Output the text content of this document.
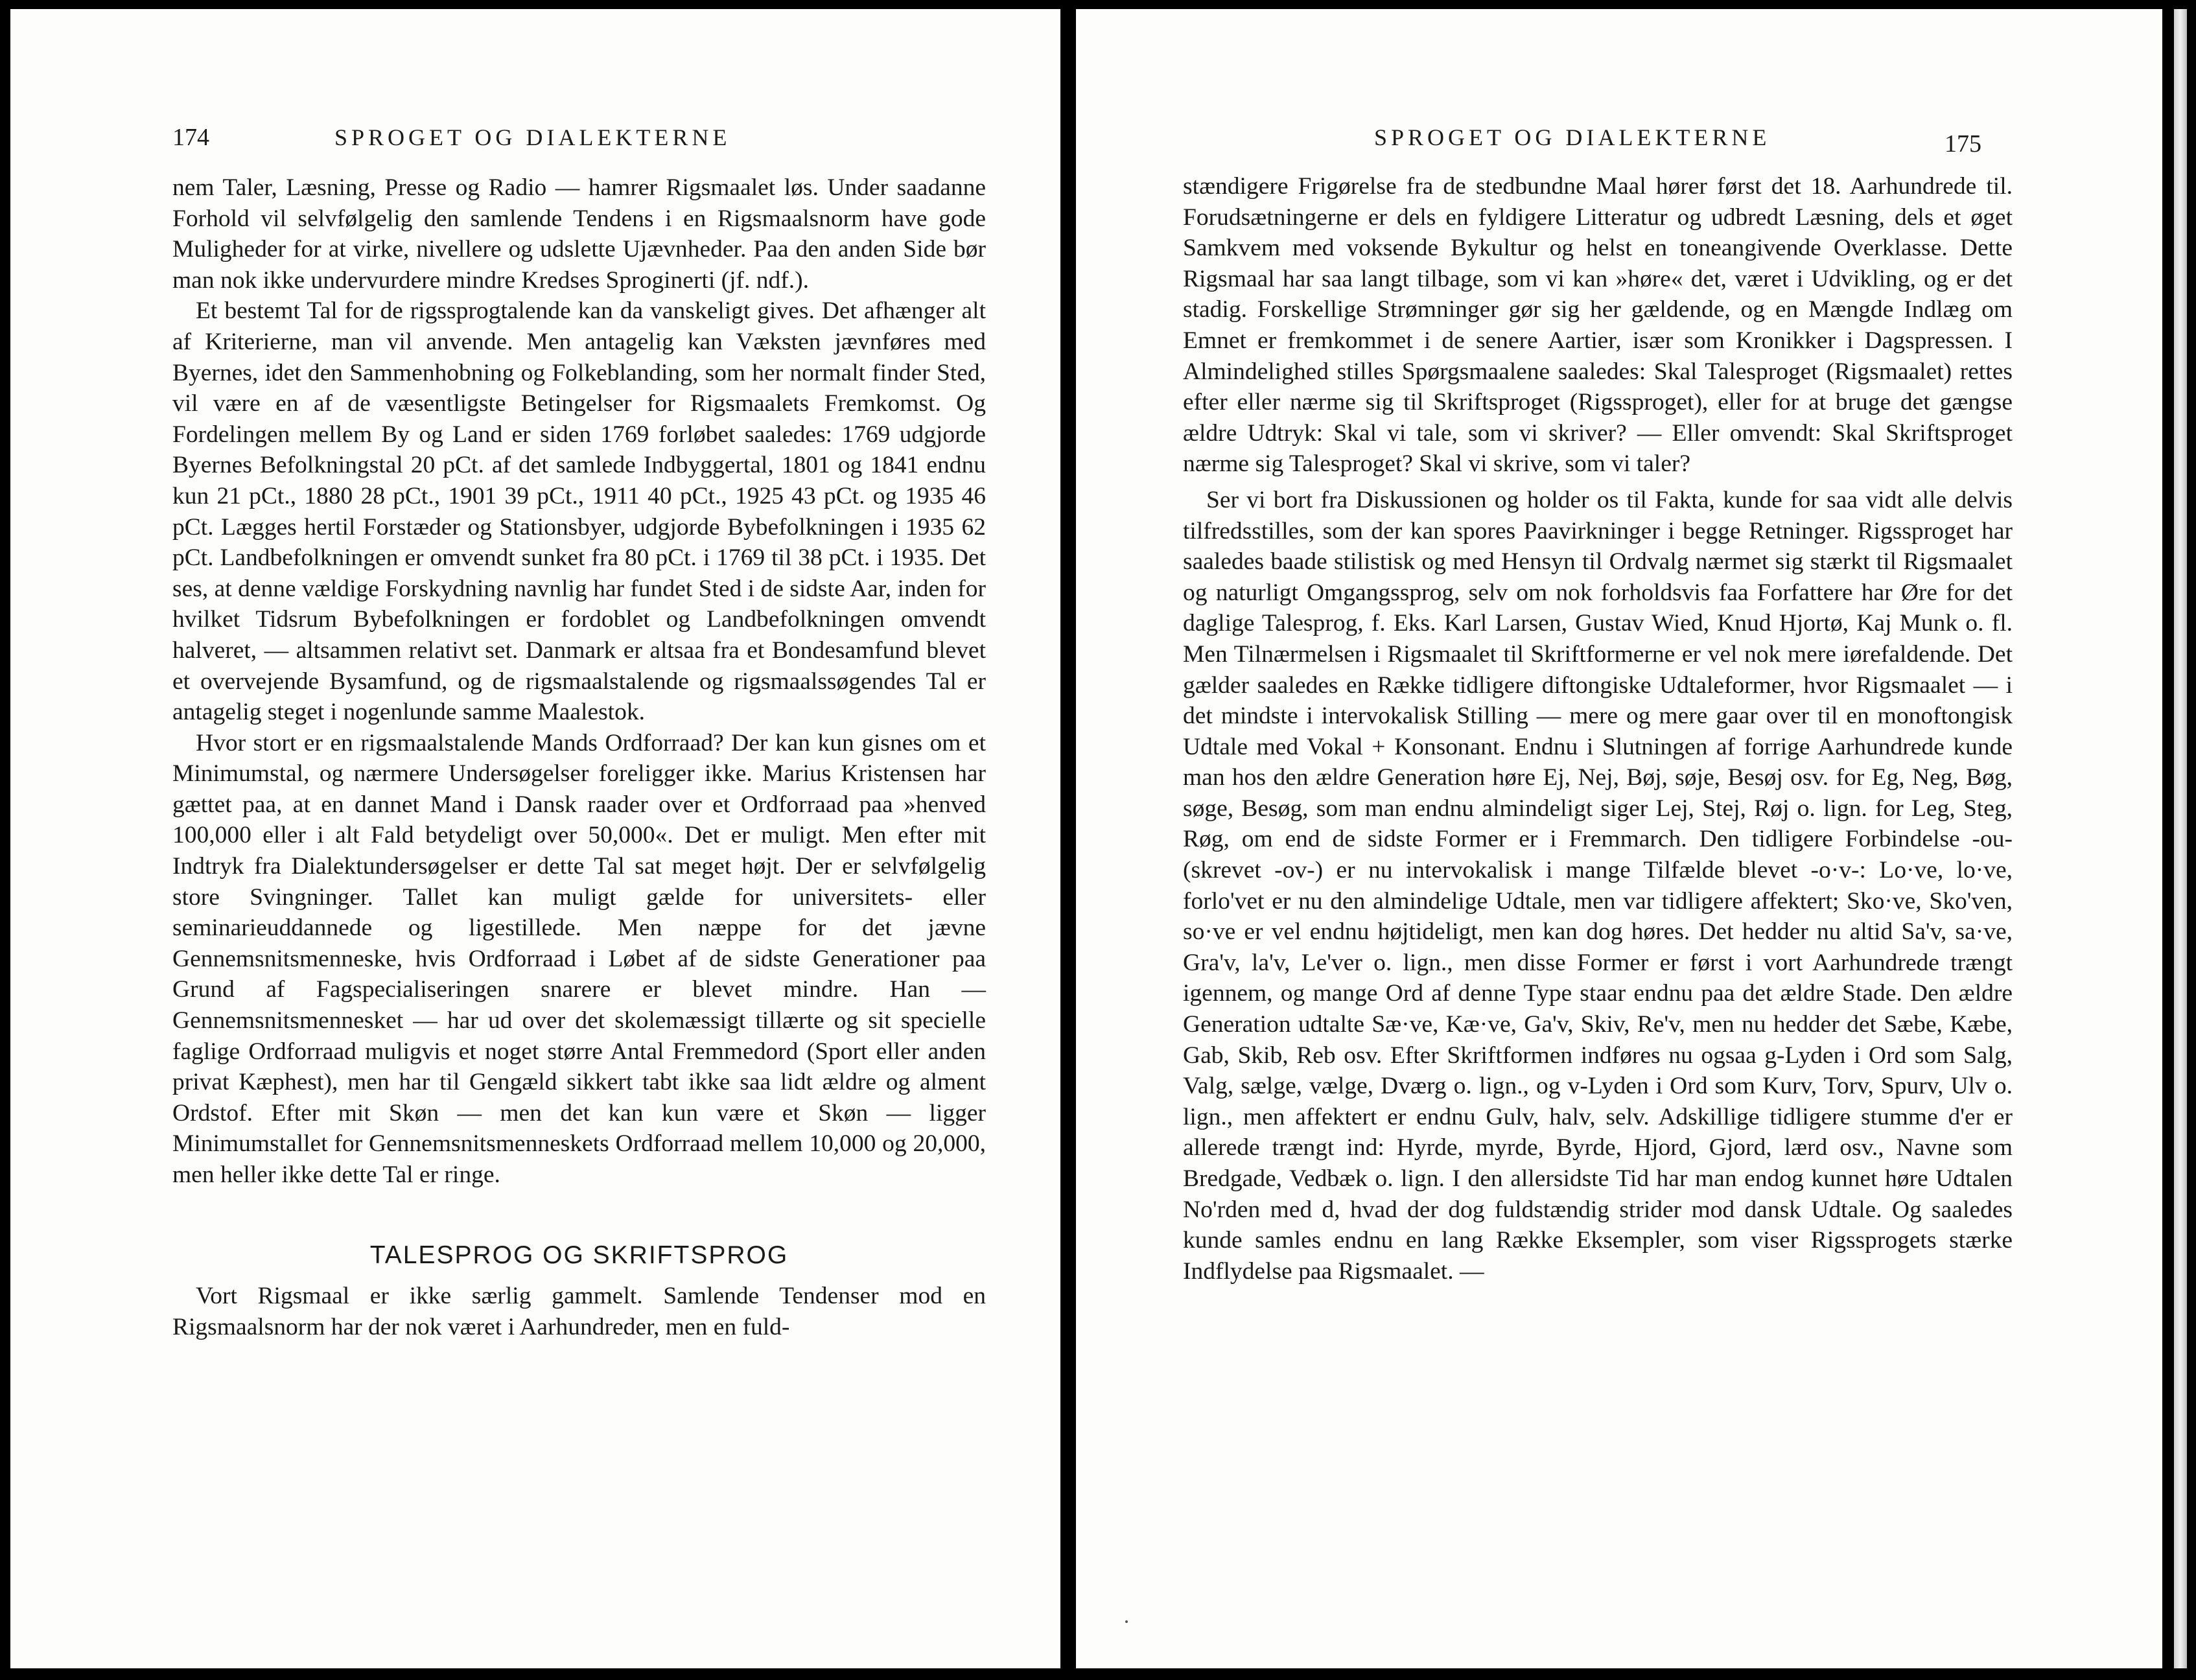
174	SPROGET OG DIALEKTERNE

nem Taler, Læsning, Presse og Radio — hamrer Rigsmaalet løs. Under saadanne Forhold vil selvfølgelig den samlende Tendens i en Rigsmaalsnorm have gode Muligheder for at virke, nivellere og udslette Ujævnheder. Paa den anden Side bør man nok ikke undervurdere mindre Kredses Sproginerti (jf. ndf.).

Et bestemt Tal for de rigssprogtalende kan da vanskeligt gives. Det afhænger alt af Kriterierne, man vil anvende. Men antagelig kan Væksten jævnføres med Byernes, idet den Sammenhobning og Folkeblanding, som her normalt finder Sted, vil være en af de væsentligste Betingelser for Rigsmaalets Fremkomst. Og Fordelingen mellem By og Land er siden 1769 forløbet saaledes: 1769 udgjorde Byernes Befolkningstal 20 pCt. af det samlede Indbyggertal, 1801 og 1841 endnu kun 21 pCt., 1880 28 pCt., 1901 39 pCt., 1911 40 pCt., 1925 43 pCt. og 1935 46 pCt. Lægges hertil Forstæder og Stationsbyer, udgjorde Bybefolkningen i 1935 62 pCt. Landbefolkningen er omvendt sunket fra 80 pCt. i 1769 til 38 pCt. i 1935. Det ses, at denne vældige Forskydning navnlig har fundet Sted i de sidste Aar, inden for hvilket Tidsrum Bybefolkningen er fordoblet og Landbefolkningen omvendt halveret, — altsammen relativt set. Danmark er altsaa fra et Bondesamfund blevet et overvejende Bysamfund, og de rigsmaalstalende og rigsmaalssøgendes Tal er antagelig steget i nogenlunde samme Maalestok.

Hvor stort er en rigsmaalstalende Mands Ordforraad? Der kan kun gisnes om et Minimumstal, og nærmere Undersøgelser foreligger ikke. Marius Kristensen har gættet paa, at en dannet Mand i Dansk raader over et Ordforraad paa »henved 100,000 eller i alt Fald betydeligt over 50,000«. Det er muligt. Men efter mit Indtryk fra Dialektundersøgelser er dette Tal sat meget højt. Der er selvfølgelig store Svingninger. Tallet kan muligt gælde for universitets- eller seminarieuddannede og ligestillede. Men næppe for det jævne Gennemsnitsmenneske, hvis Ordforraad i Løbet af de sidste Generationer paa Grund af Fagspecialiseringen snarere er blevet mindre. Han — Gennemsnitsmennesket — har ud over det skolemæssigt tillærte og sit specielle faglige Ordforraad muligvis et noget større Antal Fremmedord (Sport eller anden privat Kæphest), men har til Gengæld sikkert tabt ikke saa lidt ældre og alment Ordstof. Efter mit Skøn — men det kan kun være et Skøn — ligger Minimumstallet for Gennemsnitsmenneskets Ordforraad mellem 10,000 og 20,000, men heller ikke dette Tal er ringe.

TALESPROG OG SKRIFTSPROG

Vort Rigsmaal er ikke særlig gammelt. Samlende Tendenser mod en Rigsmaalsnorm har der nok været i Aarhundreder, men en fuld-

SPROGET OG DIALEKTERNE	175

stændigere Frigørelse fra de stedbundne Maal hører først det 18. Aarhundrede til. Forudsætningerne er dels en fyldigere Litteratur og udbredt Læsning, dels et øget Samkvem med voksende Bykultur og helst en toneangivende Overklasse. Dette Rigsmaal har saa langt tilbage, som vi kan »høre« det, været i Udvikling, og er det stadig. Forskellige Strømninger gør sig her gældende, og en Mængde Indlæg om Emnet er fremkommet i de senere Aartier, især som Kronikker i Dagspressen. I Almindelighed stilles Spørgsmaalene saaledes: Skal Talesproget (Rigsmaalet) rettes efter eller nærme sig til Skriftsproget (Rigssproget), eller for at bruge det gængse ældre Udtryk: Skal vi tale, som vi skriver? — Eller omvendt: Skal Skriftsproget nærme sig Talesproget? Skal vi skrive, som vi taler?

Ser vi bort fra Diskussionen og holder os til Fakta, kunde for saa vidt alle delvis tilfredsstilles, som der kan spores Paavirkninger i begge Retninger. Rigssproget har saaledes baade stilistisk og med Hensyn til Ordvalg nærmet sig stærkt til Rigsmaalet og naturligt Omgangssprog, selv om nok forholdsvis faa Forfattere har Øre for det daglige Talesprog, f. Eks. Karl Larsen, Gustav Wied, Knud Hjortø, Kaj Munk o. fl. Men Tilnærmelsen i Rigsmaalet til Skriftformerne er vel nok mere iørefaldende. Det gælder saaledes en Række tidligere diftongiske Udtaleformer, hvor Rigsmaalet — i det mindste i intervokalisk Stilling — mere og mere gaar over til en monoftongisk Udtale med Vokal + Konsonant. Endnu i Slutningen af forrige Aarhundrede kunde man hos den ældre Generation høre Ej, Nej, Bøj, søje, Besøj osv. for Eg, Neg, Bøg, søge, Besøg, som man endnu almindeligt siger Lej, Stej, Røj o. lign. for Leg, Steg, Røg, om end de sidste Former er i Fremmarch. Den tidligere Forbindelse -ou- (skrevet -ov-) er nu intervokalisk i mange Tilfælde blevet -o·v-: Lo·ve, lo·ve, forlo'vet er nu den almindelige Udtale, men var tidligere affektert; Sko·ve, Sko'ven, so·ve er vel endnu højtideligt, men kan dog høres. Det hedder nu altid Sa'v, sa·ve, Gra'v, la'v, Le'ver o. lign., men disse Former er først i vort Aarhundrede trængt igennem, og mange Ord af denne Type staar endnu paa det ældre Stade. Den ældre Generation udtalte Sæ·ve, Kæ·ve, Ga'v, Skiv, Re'v, men nu hedder det Sæbe, Kæbe, Gab, Skib, Reb osv. Efter Skriftformen indføres nu ogsaa g-Lyden i Ord som Salg, Valg, sælge, vælge, Dværg o. lign., og v-Lyden i Ord som Kurv, Torv, Spurv, Ulv o. lign., men affektert er endnu Gulv, halv, selv. Adskillige tidligere stumme d'er er allerede trængt ind: Hyrde, myrde, Byrde, Hjord, Gjord, lærd osv., Navne som Bredgade, Vedbæk o. lign. I den allersidste Tid har man endog kunnet høre Udtalen No'rden med d, hvad der dog fuldstændig strider mod dansk Udtale. Og saaledes kunde samles endnu en lang Række Eksempler, som viser Rigssprogets stærke Indflydelse paa Rigsmaalet. —
